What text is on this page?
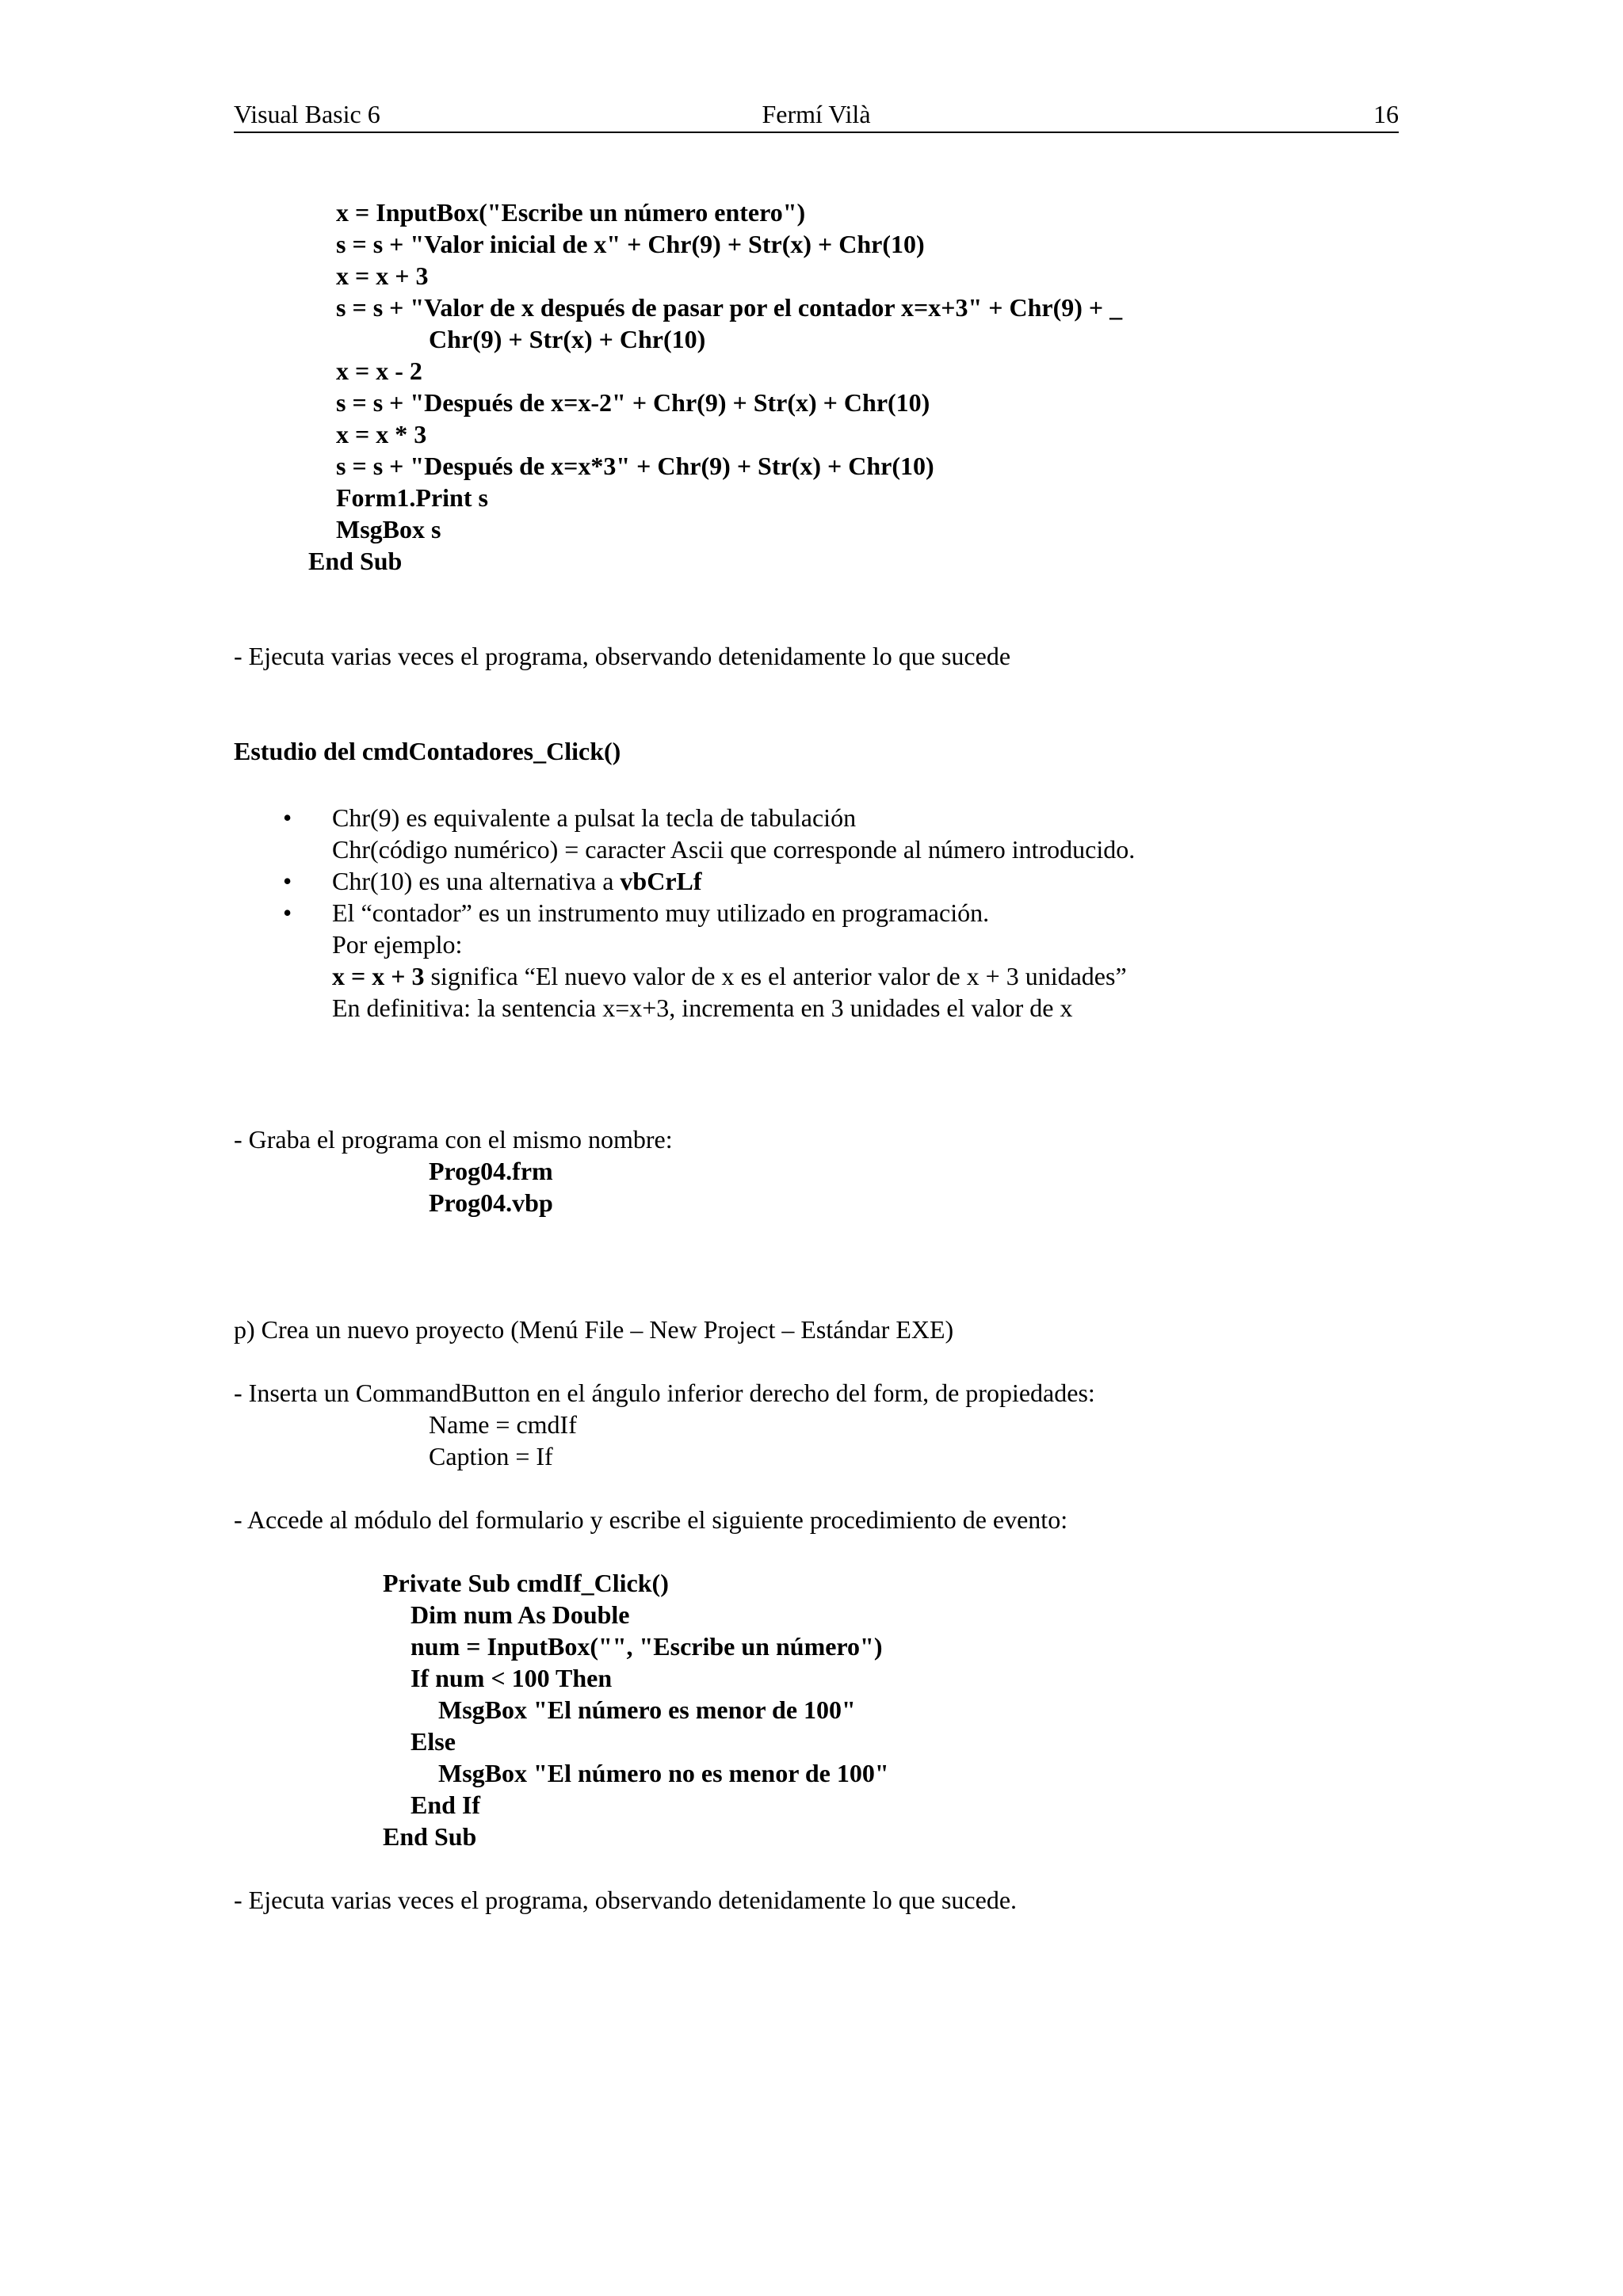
Visual Basic 6	Fermí Vilà	16
x = InputBox("Escribe un número entero")
s = s + "Valor inicial de x" + Chr(9) + Str(x) + Chr(10)
x = x + 3
s = s + "Valor de x después de pasar por el contador x=x+3" + Chr(9) + _
Chr(9) + Str(x) + Chr(10)
x = x - 2
s = s + "Después de x=x-2" + Chr(9) + Str(x) + Chr(10)
x = x * 3
s = s + "Después de x=x*3" + Chr(9) + Str(x) + Chr(10)
Form1.Print s
MsgBox s
End Sub
- Ejecuta varias veces el programa, observando detenidamente lo que sucede
Estudio del cmdContadores_Click()

•

Chr(9) es equivalente a pulsat la tecla de tabulación

Chr(código numérico) = caracter Ascii que corresponde al número introducido.

•

Chr(10) es una alternativa a vbCrLf

•

El “contador” es un instrumento muy utilizado en programación.

Por ejemplo:

x = x + 3 significa “El nuevo valor de x es el anterior valor de x + 3 unidades”

En definitiva: la sentencia x=x+3, incrementa en 3 unidades el valor de x

- Graba el programa con el mismo nombre:
Prog04.frm
Prog04.vbp
p) Crea un nuevo proyecto (Menú File – New Project – Estándar EXE)
- Inserta un CommandButton en el ángulo inferior derecho del form, de propiedades:
Name = cmdIf
Caption = If
- Accede al módulo del formulario y escribe el siguiente procedimiento de evento:
Private Sub cmdIf_Click()
Dim num As Double
num = InputBox("", "Escribe un número")
If num < 100 Then
MsgBox "El número es menor de 100"
Else
MsgBox "El número no es menor de 100"
End If
End Sub
- Ejecuta varias veces el programa, observando detenidamente lo que sucede.
